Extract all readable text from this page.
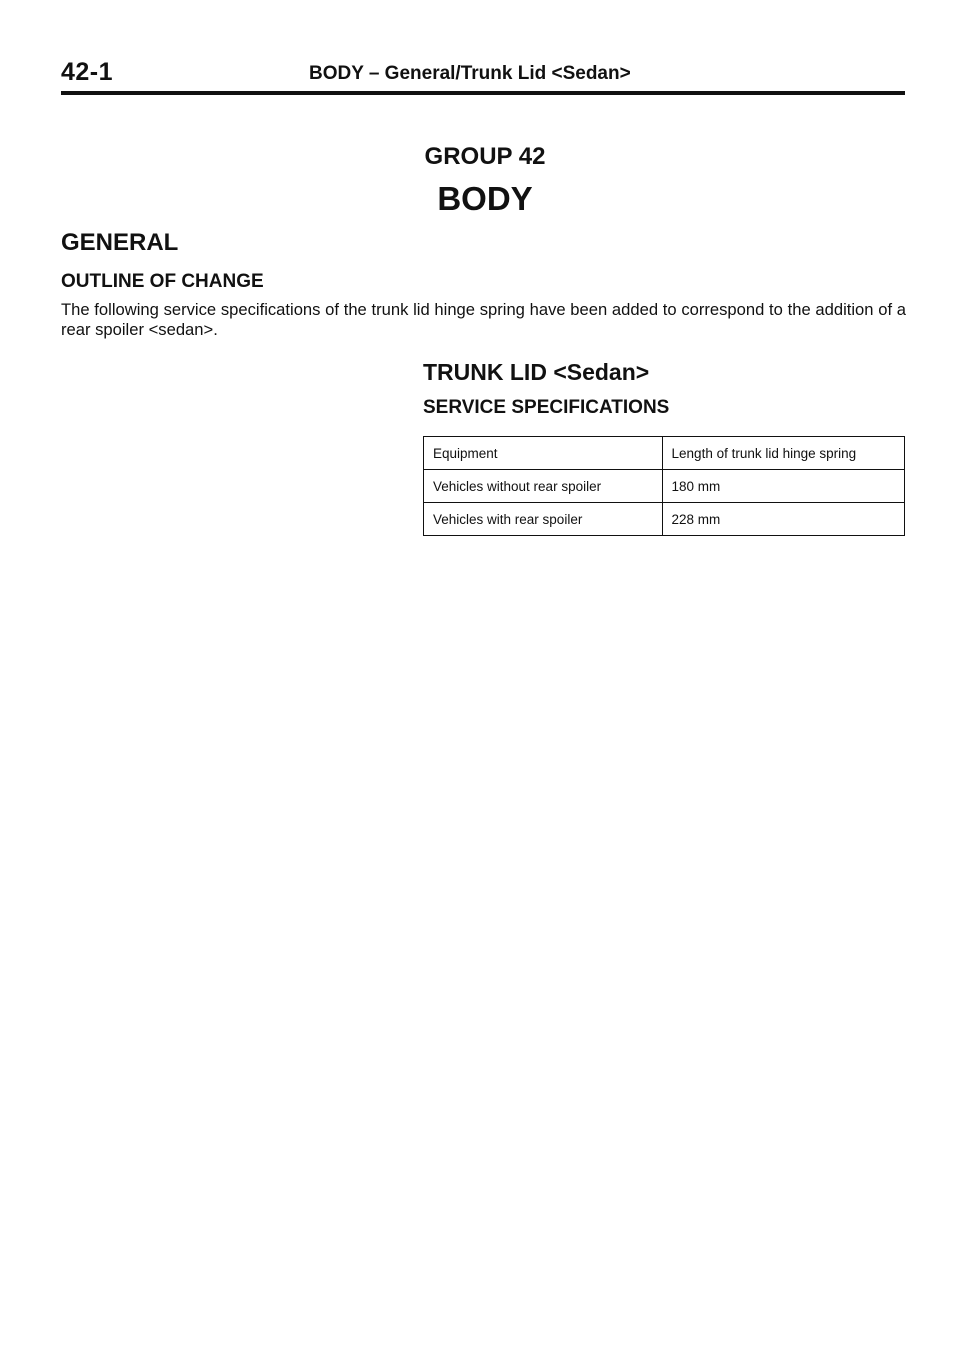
42-1	BODY – General/Trunk Lid <Sedan>
GROUP 42
BODY
GENERAL
OUTLINE OF CHANGE
The following service specifications of the trunk lid hinge spring have been added to correspond to the addition of a rear spoiler <sedan>.
TRUNK LID <Sedan>
SERVICE SPECIFICATIONS
Equipment	Length of trunk lid hinge spring
Vehicles without rear spoiler	180 mm
Vehicles with rear spoiler	228 mm
